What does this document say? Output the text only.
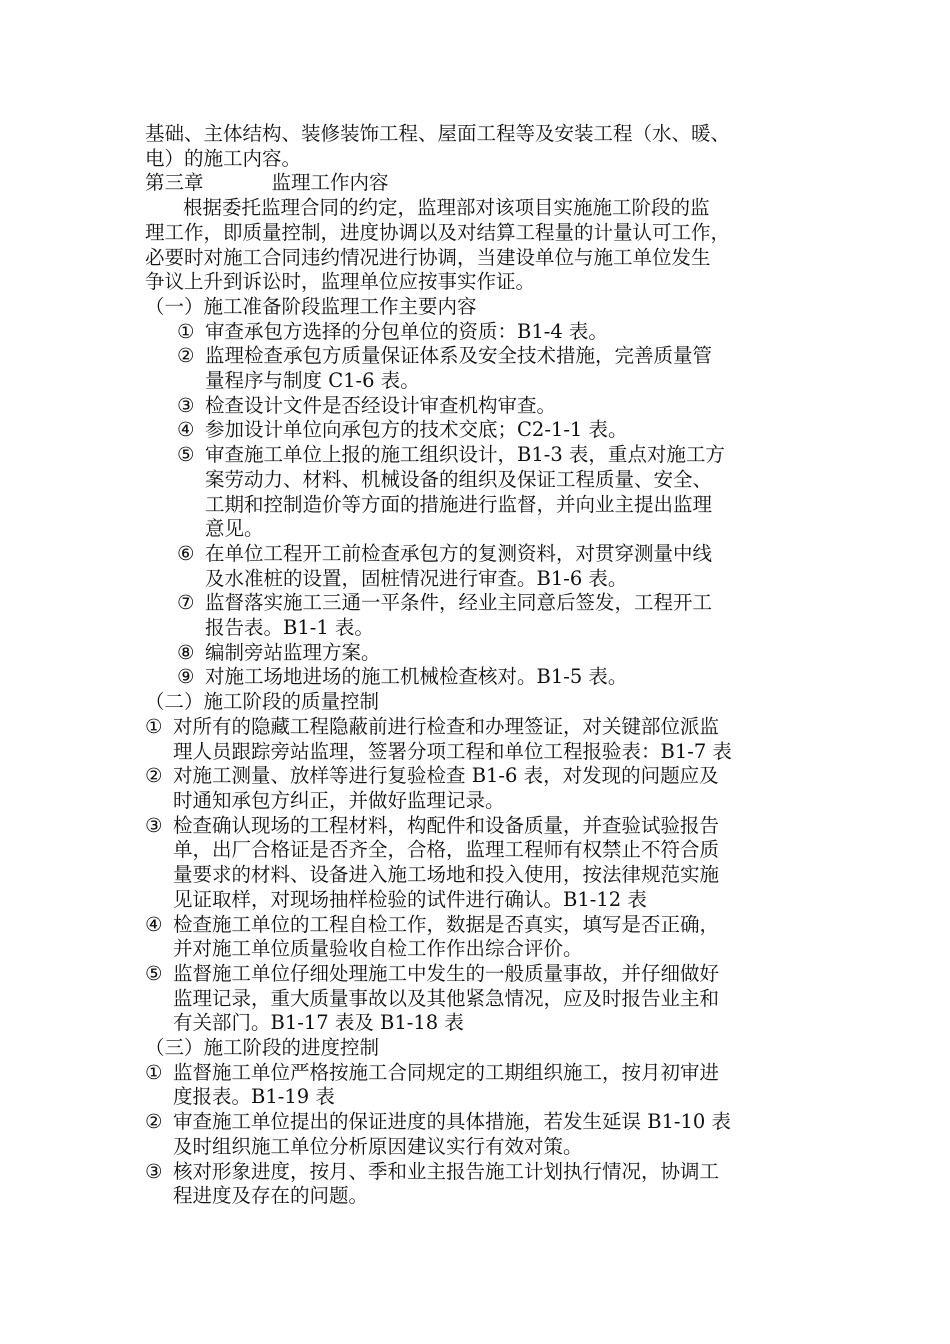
基础、主体结构、装修装饰工程、屋面工程等及安装工程（水、暖、
电）的施工内容。
第三章	监理工作内容
根据委托监理合同的约定，监理部对该项目实施施工阶段的监
理工作，即质量控制，进度协调以及对结算工程量的计量认可工作，
必要时对施工合同违约情况进行协调，当建设单位与施工单位发生
争议上升到诉讼时，监理单位应按事实作证。
（一）施工准备阶段监理工作主要内容
① 审查承包方选择的分包单位的资质：B1-4 表。
② 监理检查承包方质量保证体系及安全技术措施，完善质量管
量程序与制度 C1-6 表。
③ 检查设计文件是否经设计审查机构审查。
④ 参加设计单位向承包方的技术交底；C2-1-1 表。
⑤ 审查施工单位上报的施工组织设计，B1-3 表，重点对施工方
案劳动力、材料、机械设备的组织及保证工程质量、安全、
工期和控制造价等方面的措施进行监督，并向业主提出监理
意见。
⑥ 在单位工程开工前检查承包方的复测资料，对贯穿测量中线
及水准桩的设置，固桩情况进行审查。B1-6 表。
⑦ 监督落实施工三通一平条件，经业主同意后签发，工程开工
报告表。B1-1 表。
⑧ 编制旁站监理方案。
⑨ 对施工场地进场的施工机械检查核对。B1-5 表。
（二）施工阶段的质量控制
① 对所有的隐藏工程隐蔽前进行检查和办理签证，对关键部位派监
理人员跟踪旁站监理，签署分项工程和单位工程报验表：B1-7 表
② 对施工测量、放样等进行复验检查 B1-6 表，对发现的问题应及
时通知承包方纠正，并做好监理记录。
③ 检查确认现场的工程材料，构配件和设备质量，并查验试验报告
单，出厂合格证是否齐全，合格，监理工程师有权禁止不符合质
量要求的材料、设备进入施工场地和投入使用，按法律规范实施
见证取样，对现场抽样检验的试件进行确认。B1-12 表
④ 检查施工单位的工程自检工作，数据是否真实，填写是否正确，
并对施工单位质量验收自检工作作出综合评价。
⑤ 监督施工单位仔细处理施工中发生的一般质量事故，并仔细做好
监理记录，重大质量事故以及其他紧急情况，应及时报告业主和
有关部门。B1-17 表及 B1-18 表
（三）施工阶段的进度控制
① 监督施工单位严格按施工合同规定的工期组织施工，按月初审进
度报表。B1-19 表
② 审查施工单位提出的保证进度的具体措施，若发生延误 B1-10 表
及时组织施工单位分析原因建议实行有效对策。
③ 核对形象进度，按月、季和业主报告施工计划执行情况，协调工
程进度及存在的问题。
